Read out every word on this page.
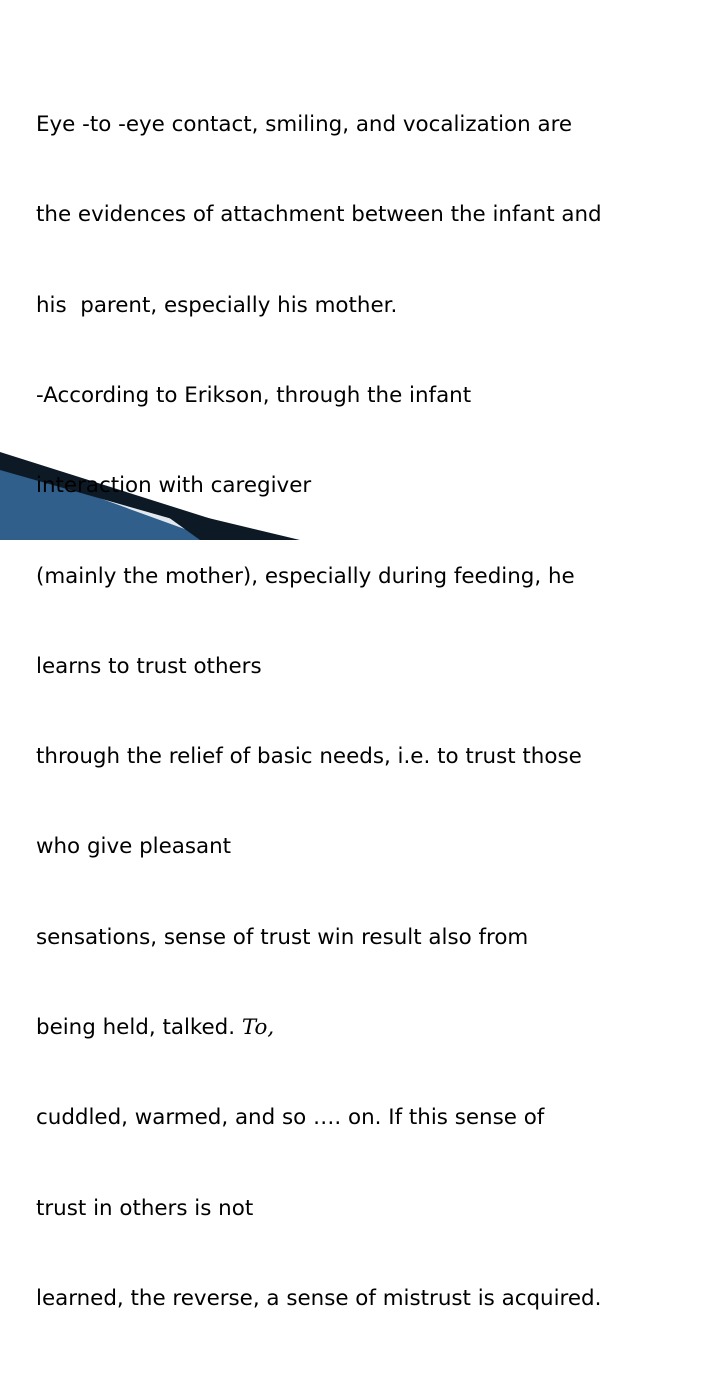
Eye -to -eye contact, smiling, and vocalization are

the evidences of attachment between the infant and

his  parent, especially his mother.

-According to Erikson, through the infant

interaction with caregiver

(mainly the mother), especially during feeding, he

learns to trust others

through the relief of basic needs, i.e. to trust those

who give pleasant

sensations, sense of trust win result also from

being held, talked. To,

cuddled, warmed, and so …. on. If this sense of

trust in others is not

learned, the reverse, a sense of mistrust is acquired.
